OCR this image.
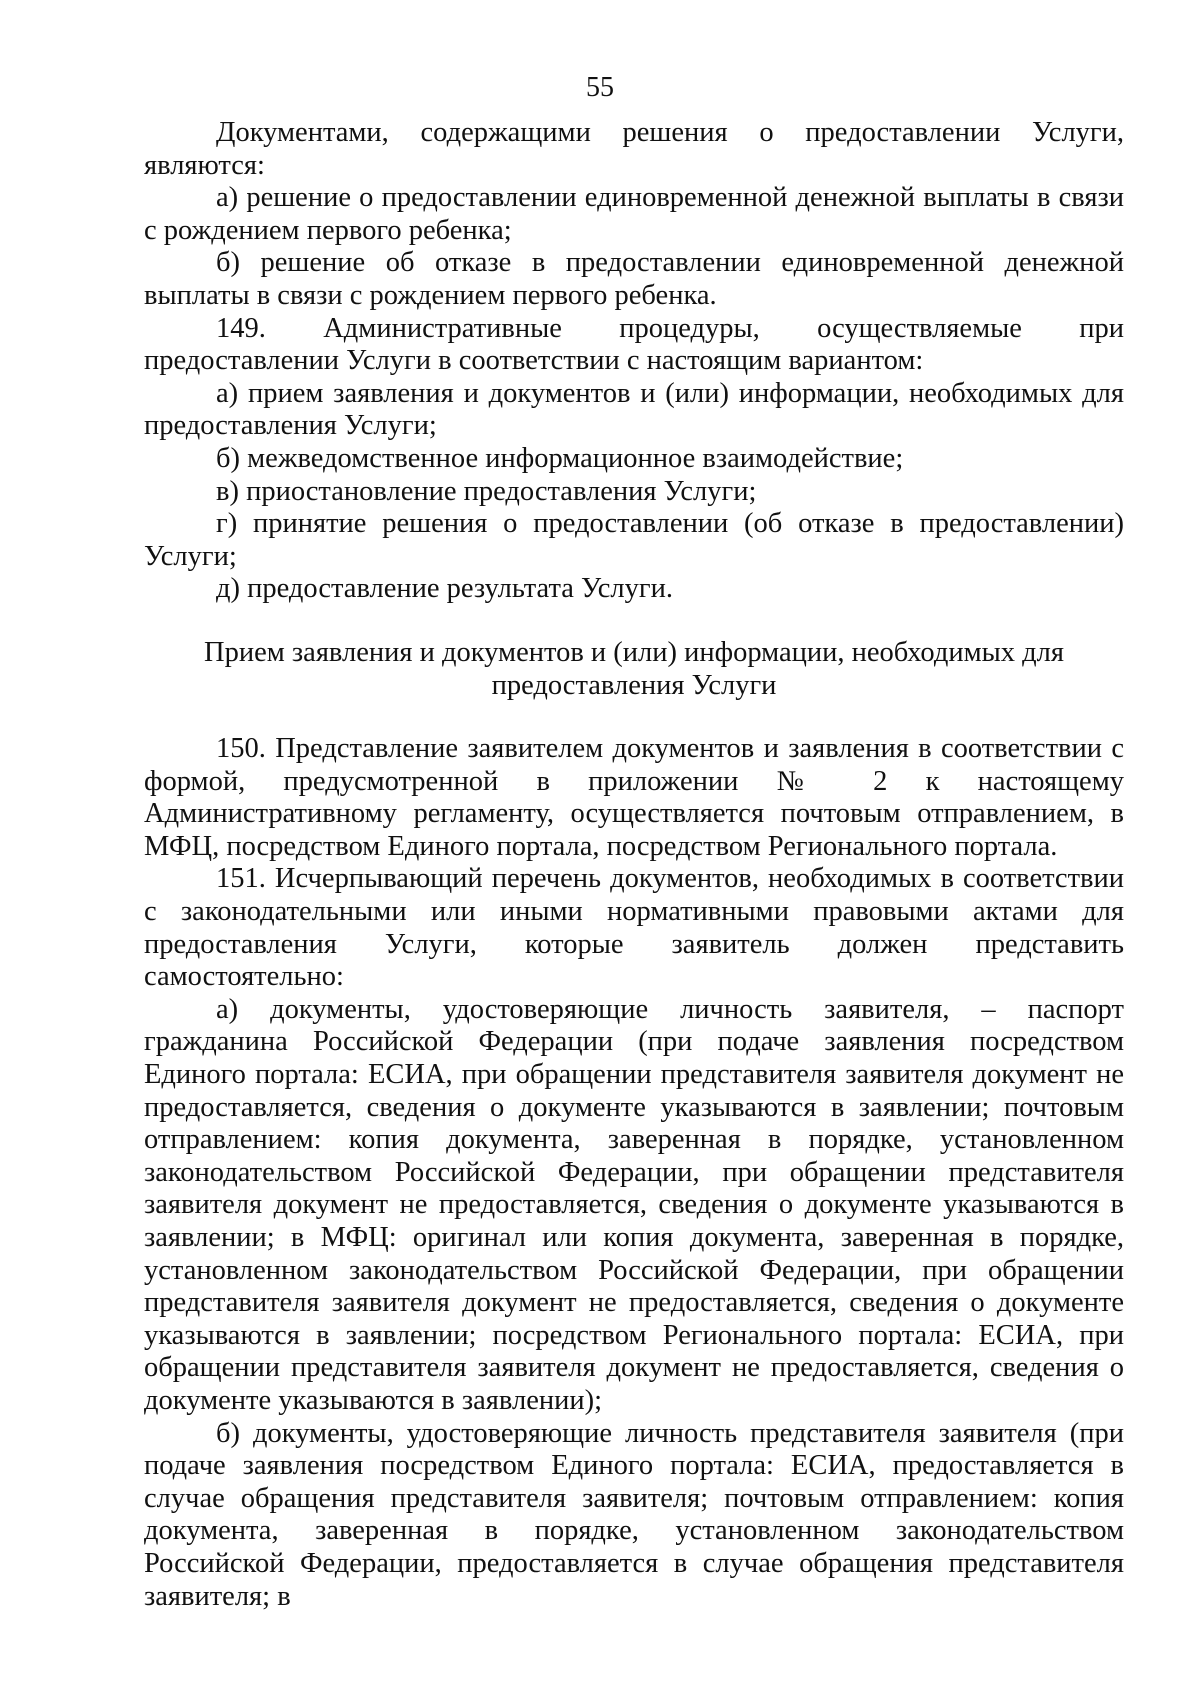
55

Документами, содержащими решения о предоставлении Услуги, являются:

а) решение о предоставлении единовременной денежной выплаты в связи с рождением первого ребенка;

б) решение об отказе в предоставлении единовременной денежной выплаты в связи с рождением первого ребенка.

149. Административные процедуры, осуществляемые при предоставлении Услуги в соответствии с настоящим вариантом:

а) прием заявления и документов и (или) информации, необходимых для предоставления Услуги;

б) межведомственное информационное взаимодействие;

в) приостановление предоставления Услуги;

г) принятие решения о предоставлении (об отказе в предоставлении) Услуги;

д) предоставление результата Услуги.

Прием заявления и документов и (или) информации, необходимых для предоставления Услуги

150. Представление заявителем документов и заявления в соответствии с формой, предусмотренной в приложении № 2 к настоящему Административному регламенту, осуществляется почтовым отправлением, в МФЦ, посредством Единого портала, посредством Регионального портала.

151. Исчерпывающий перечень документов, необходимых в соответствии с законодательными или иными нормативными правовыми актами для предоставления Услуги, которые заявитель должен представить самостоятельно:

а) документы, удостоверяющие личность заявителя, – паспорт гражданина Российской Федерации (при подаче заявления посредством Единого портала: ЕСИА, при обращении представителя заявителя документ не предоставляется, сведения о документе указываются в заявлении; почтовым отправлением: копия документа, заверенная в порядке, установленном законодательством Российской Федерации, при обращении представителя заявителя документ не предоставляется, сведения о документе указываются в заявлении; в МФЦ: оригинал или копия документа, заверенная в порядке, установленном законодательством Российской Федерации, при обращении представителя заявителя документ не предоставляется, сведения о документе указываются в заявлении; посредством Регионального портала: ЕСИА, при обращении представителя заявителя документ не предоставляется, сведения о документе указываются в заявлении);

б) документы, удостоверяющие личность представителя заявителя (при подаче заявления посредством Единого портала: ЕСИА, предоставляется в случае обращения представителя заявителя; почтовым отправлением: копия документа, заверенная в порядке, установленном законодательством Российской Федерации, предоставляется в случае обращения представителя заявителя; в
